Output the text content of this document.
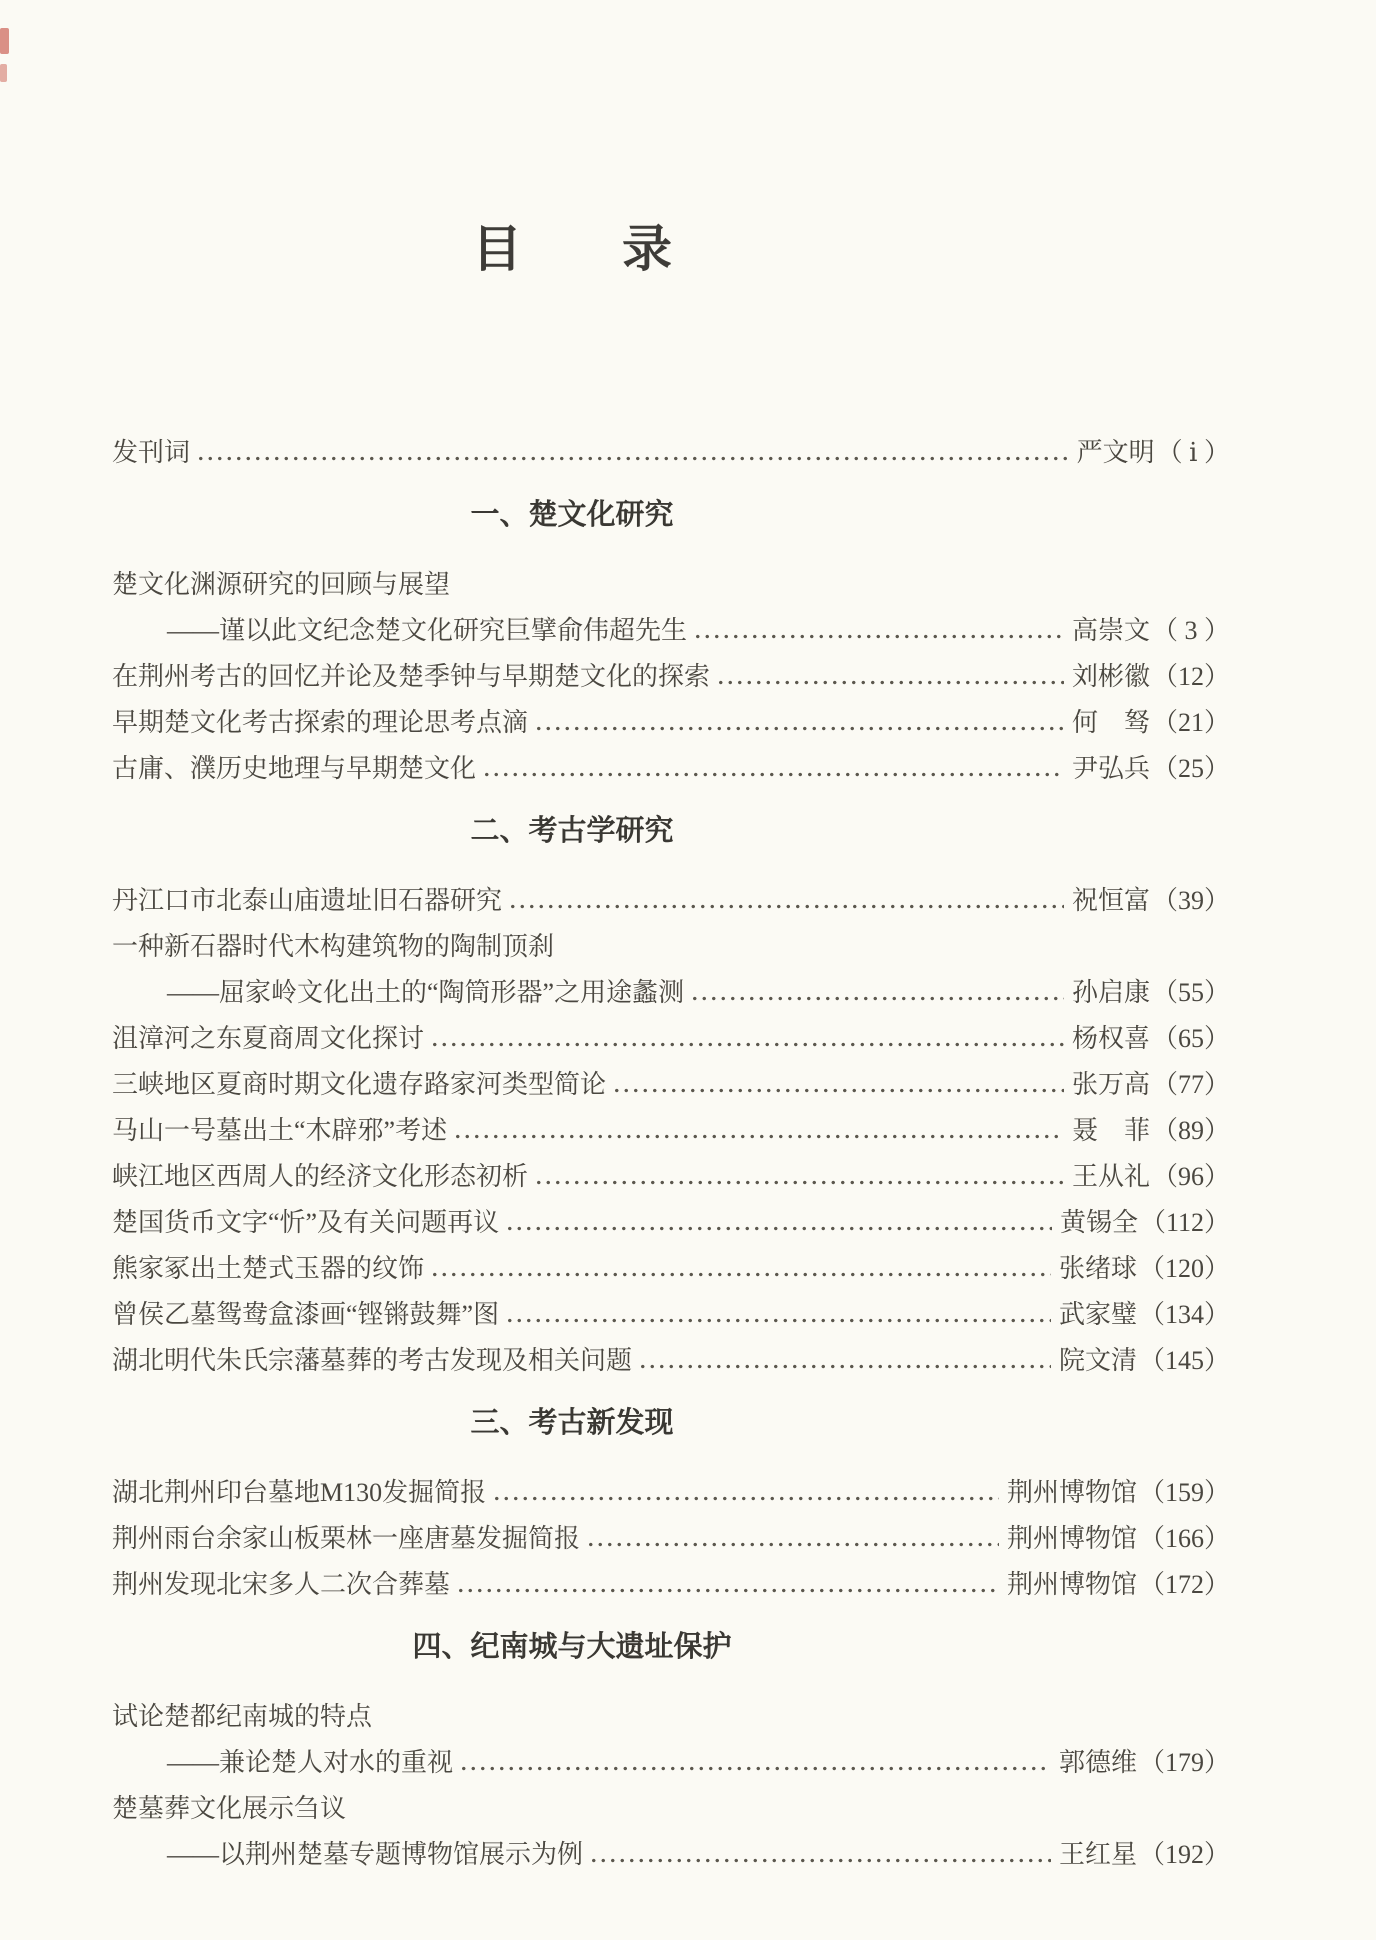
目　　录
发刊词	严文明 （ ⅰ ）
一、楚文化研究
楚文化渊源研究的回顾与展望
——谨以此文纪念楚文化研究巨擘俞伟超先生	高崇文 （ 3 ）
在荆州考古的回忆并论及楚季钟与早期楚文化的探索	刘彬徽 （12）
早期楚文化考古探索的理论思考点滴	何　驽 （21）
古庸、濮历史地理与早期楚文化	尹弘兵 （25）
二、考古学研究
丹江口市北泰山庙遗址旧石器研究	祝恒富 （39）
一种新石器时代木构建筑物的陶制顶刹
——屈家岭文化出土的“陶筒形器”之用途蠡测	孙启康 （55）
沮漳河之东夏商周文化探讨	杨权喜 （65）
三峡地区夏商时期文化遗存路家河类型简论	张万高 （77）
马山一号墓出土“木辟邪”考述	聂　菲 （89）
峡江地区西周人的经济文化形态初析	王从礼 （96）
楚国货币文字“忻”及有关问题再议	黄锡全 （112）
熊家冢出土楚式玉器的纹饰	张绪球 （120）
曾侯乙墓鸳鸯盒漆画“铿锵鼓舞”图	武家璧 （134）
湖北明代朱氏宗藩墓葬的考古发现及相关问题	院文清 （145）
三、考古新发现
湖北荆州印台墓地M130发掘简报	荆州博物馆 （159）
荆州雨台余家山板栗林一座唐墓发掘简报	荆州博物馆 （166）
荆州发现北宋多人二次合葬墓	荆州博物馆 （172）
四、纪南城与大遗址保护
试论楚都纪南城的特点
——兼论楚人对水的重视	郭德维 （179）
楚墓葬文化展示刍议
——以荆州楚墓专题博物馆展示为例	王红星 （192）
